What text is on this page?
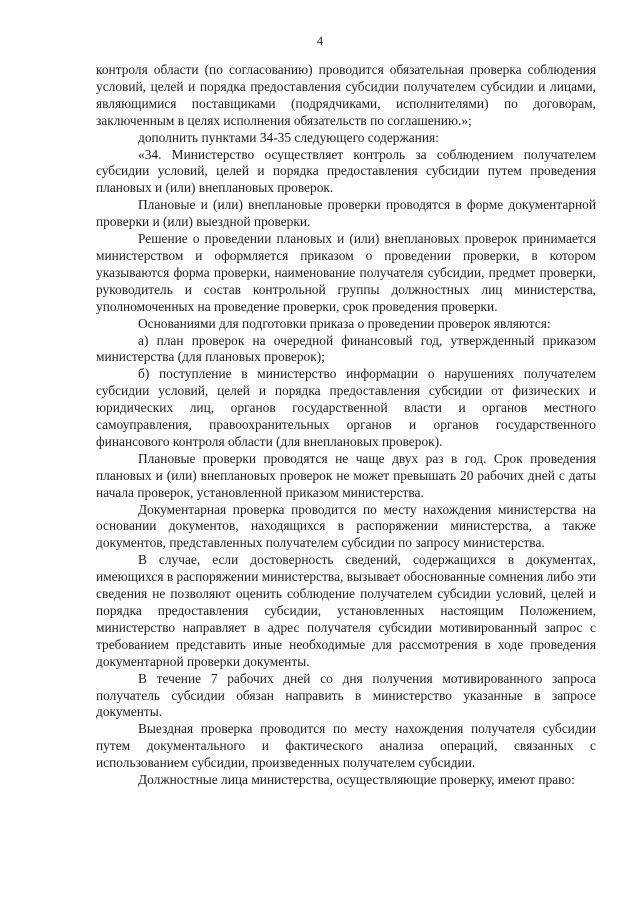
4

контроля области (по согласованию) проводится обязательная проверка соблюдения условий, целей и порядка предоставления субсидии получателем субсидии и лицами, являющимися поставщиками (подрядчиками, исполнителями) по договорам, заключенным в целях исполнения обязательств по соглашению.»;

дополнить пунктами 34-35 следующего содержания:

«34. Министерство осуществляет контроль за соблюдением получателем субсидии условий, целей и порядка предоставления субсидии путем проведения плановых и (или) внеплановых проверок.

Плановые и (или) внеплановые проверки проводятся в форме документарной проверки и (или) выездной проверки.

Решение о проведении плановых и (или) внеплановых проверок принимается министерством и оформляется приказом о проведении проверки, в котором указываются форма проверки, наименование получателя субсидии, предмет проверки, руководитель и состав контрольной группы должностных лиц министерства, уполномоченных на проведение проверки, срок проведения проверки.

Основаниями для подготовки приказа о проведении проверок являются:

а) план проверок на очередной финансовый год, утвержденный приказом министерства (для плановых проверок);

б) поступление в министерство информации о нарушениях получателем субсидии условий, целей и порядка предоставления субсидии от физических и юридических лиц, органов государственной власти и органов местного самоуправления, правоохранительных органов и органов государственного финансового контроля области (для внеплановых проверок).

Плановые проверки проводятся не чаще двух раз в год. Срок проведения плановых и (или) внеплановых проверок не может превышать 20 рабочих дней с даты начала проверок, установленной приказом министерства.

Документарная проверка проводится по месту нахождения министерства на основании документов, находящихся в распоряжении министерства, а также документов, представленных получателем субсидии по запросу министерства.

В случае, если достоверность сведений, содержащихся в документах, имеющихся в распоряжении министерства, вызывает обоснованные сомнения либо эти сведения не позволяют оценить соблюдение получателем субсидии условий, целей и порядка предоставления субсидии, установленных настоящим Положением, министерство направляет в адрес получателя субсидии мотивированный запрос с требованием представить иные необходимые для рассмотрения в ходе проведения документарной проверки документы.

В течение 7 рабочих дней со дня получения мотивированного запроса получатель субсидии обязан направить в министерство указанные в запросе документы.

Выездная проверка проводится по месту нахождения получателя субсидии путем документального и фактического анализа операций, связанных с использованием субсидии, произведенных получателем субсидии.

Должностные лица министерства, осуществляющие проверку, имеют право:
